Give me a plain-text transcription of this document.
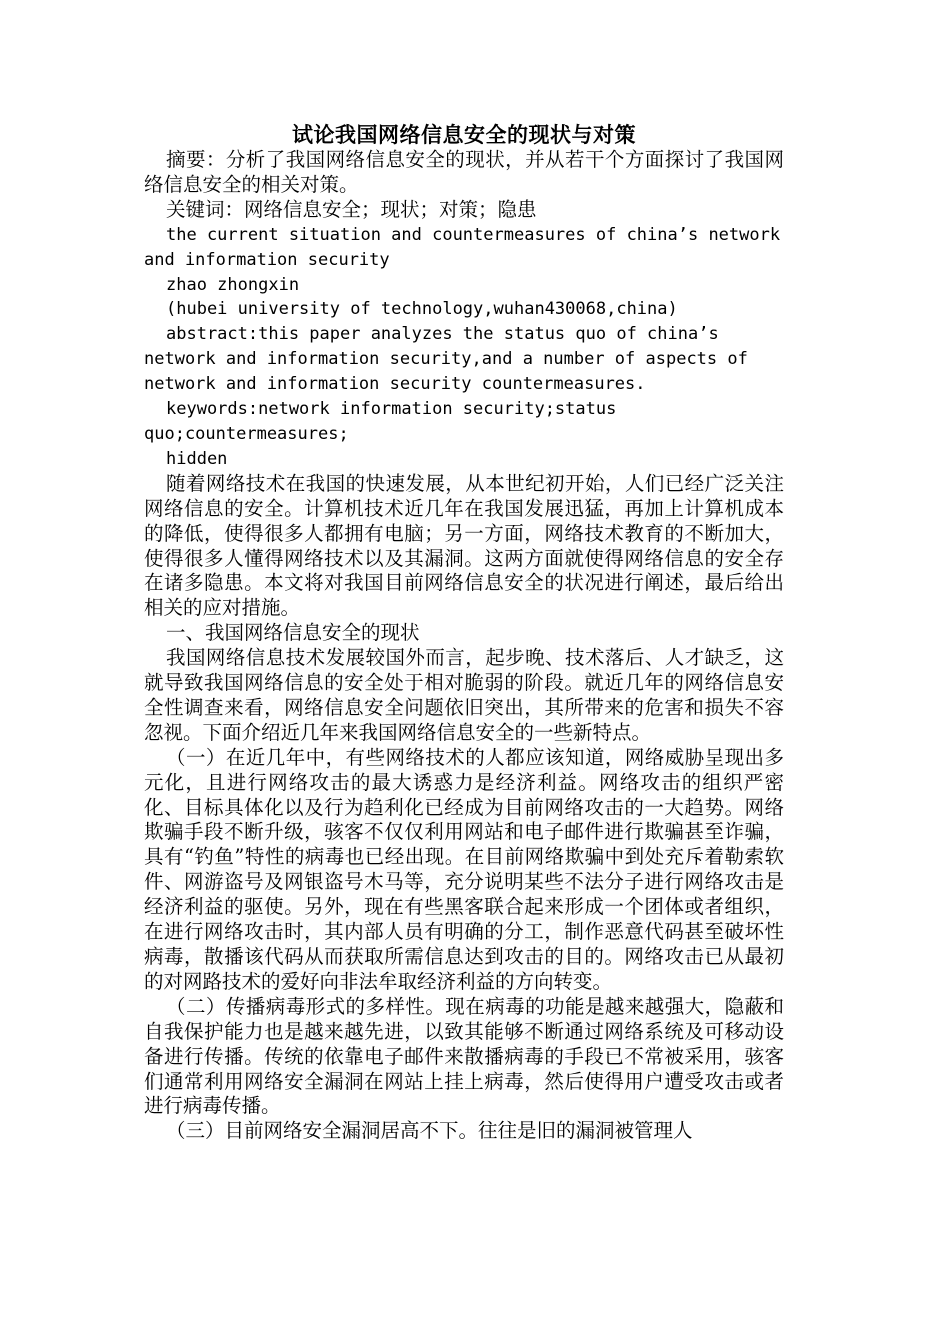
试论我国网络信息安全的现状与对策

摘要：分析了我国网络信息安全的现状，并从若干个方面探讨了我国网络信息安全的相关对策。

关键词：网络信息安全；现状；对策；隐患

the current situation and countermeasures of china’s network and information security

zhao zhongxin

(hubei university of technology,wuhan430068,china)

abstract:this paper analyzes the status quo of china’s network and information security,and a number of aspects of network and information security countermeasures.

keywords:network information security;status quo;countermeasures;

hidden

随着网络技术在我国的快速发展，从本世纪初开始，人们已经广泛关注网络信息的安全。计算机技术近几年在我国发展迅猛，再加上计算机成本的降低，使得很多人都拥有电脑；另一方面，网络技术教育的不断加大，使得很多人懂得网络技术以及其漏洞。这两方面就使得网络信息的安全存在诸多隐患。本文将对我国目前网络信息安全的状况进行阐述，最后给出相关的应对措施。

一、我国网络信息安全的现状

我国网络信息技术发展较国外而言，起步晚、技术落后、人才缺乏，这就导致我国网络信息的安全处于相对脆弱的阶段。就近几年的网络信息安全性调查来看，网络信息安全问题依旧突出，其所带来的危害和损失不容忽视。下面介绍近几年来我国网络信息安全的一些新特点。

（一）在近几年中，有些网络技术的人都应该知道，网络威胁呈现出多元化，且进行网络攻击的最大诱惑力是经济利益。网络攻击的组织严密化、目标具体化以及行为趋利化已经成为目前网络攻击的一大趋势。网络欺骗手段不断升级，骇客不仅仅利用网站和电子邮件进行欺骗甚至诈骗，具有“钓鱼”特性的病毒也已经出现。在目前网络欺骗中到处充斥着勒索软件、网游盗号及网银盗号木马等，充分说明某些不法分子进行网络攻击是经济利益的驱使。另外，现在有些黑客联合起来形成一个团体或者组织，在进行网络攻击时，其内部人员有明确的分工，制作恶意代码甚至破坏性病毒，散播该代码从而获取所需信息达到攻击的目的。网络攻击已从最初的对网路技术的爱好向非法牟取经济利益的方向转变。

（二）传播病毒形式的多样性。现在病毒的功能是越来越强大，隐蔽和自我保护能力也是越来越先进，以致其能够不断通过网络系统及可移动设备进行传播。传统的依靠电子邮件来散播病毒的手段已不常被采用，骇客们通常利用网络安全漏洞在网站上挂上病毒，然后使得用户遭受攻击或者进行病毒传播。

（三）目前网络安全漏洞居高不下。往往是旧的漏洞被管理人
